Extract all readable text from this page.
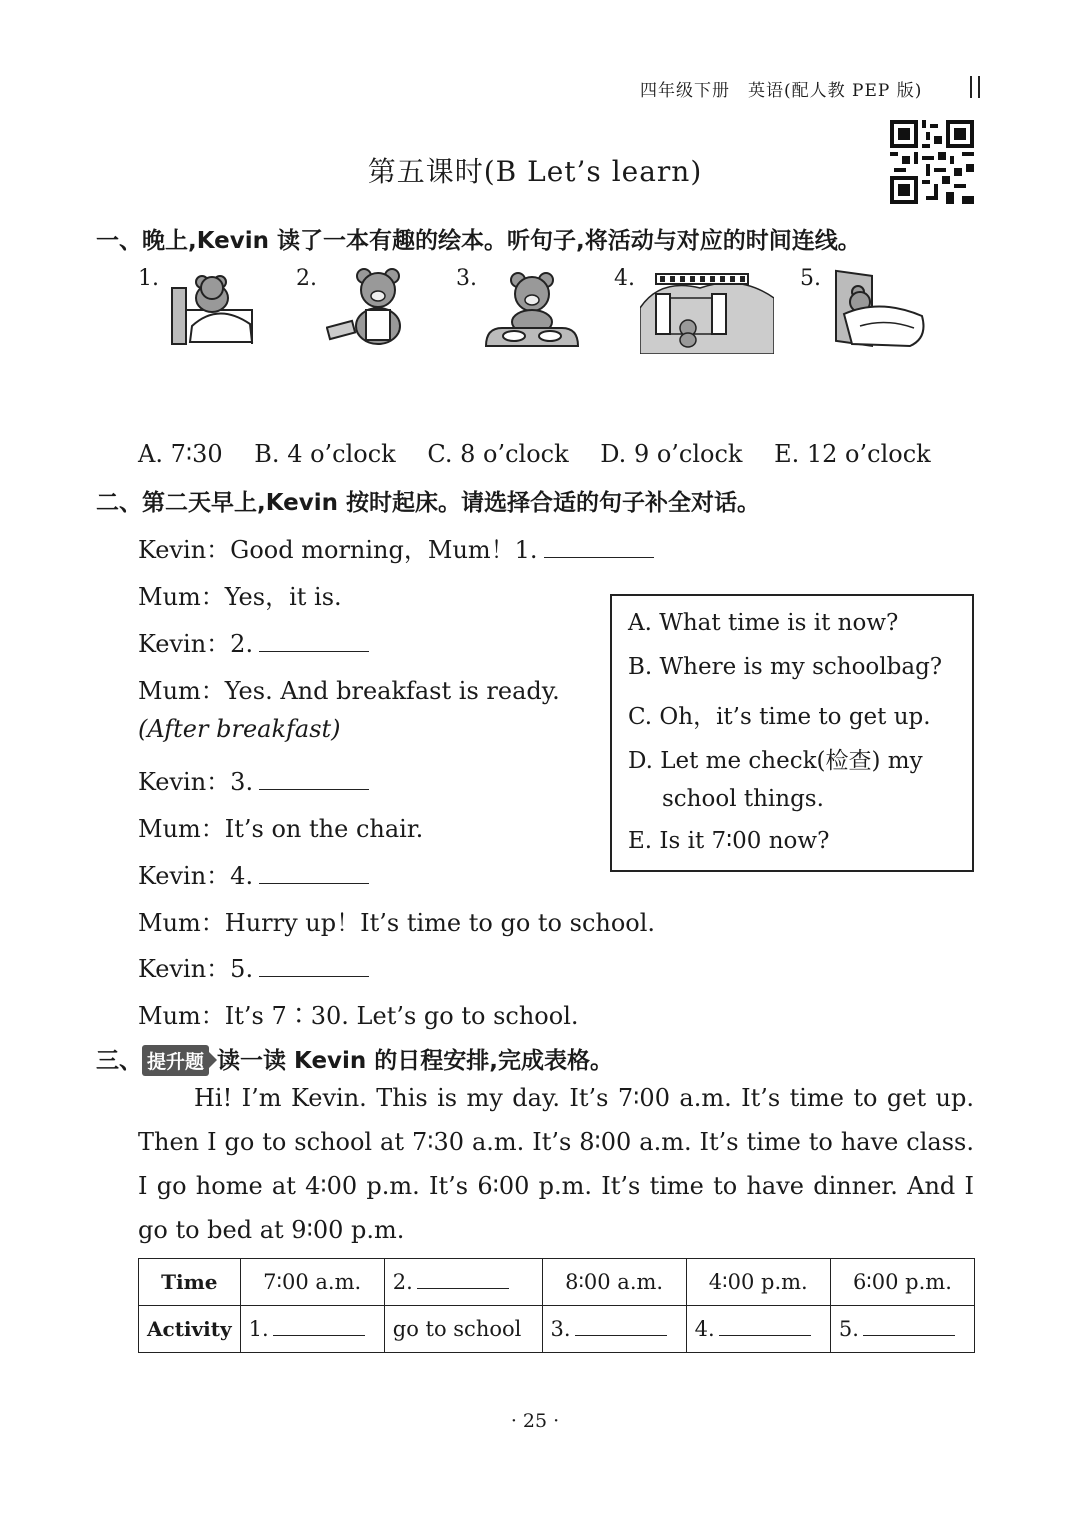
四年级下册　英语(配人教 PEP 版)
第五课时(B Let’s learn)
一、晚上,Kevin 读了一本有趣的绘本。听句子,将活动与对应的时间连线。
1.	2.	3.	4.	5.
A. 7∶30 B. 4 o’clock C. 8 o’clock D. 9 o’clock E. 12 o’clock
二、第二天早上,Kevin 按时起床。请选择合适的句子补全对话。
Kevin：Good morning，Mum！1.
Mum：Yes，it is.
Kevin：2.
Mum：Yes. And breakfast is ready.
(After breakfast)
Kevin：3.
Mum：It’s on the chair.
Kevin：4.
Mum：Hurry up！It’s time to go to school.
Kevin：5.
Mum：It’s 7∶30. Let’s go to school.
A. What time is it now?
B. Where is my schoolbag?
C. Oh，it’s time to get up.
D. Let me check(检查) my
school things.
E. Is it 7∶00 now?
三、 提升题 读一读 Kevin 的日程安排,完成表格。
Hi! I’m Kevin. This is my day. It’s 7∶00 a.m. It’s time to get up. Then I go to school at 7∶30 a.m. It’s 8∶00 a.m. It’s time to have class. I go home at 4∶00 p.m. It’s 6∶00 p.m. It’s time to have dinner. And I go to bed at 9∶00 p.m.
Time	7∶00 a.m.	2.	8∶00 a.m.	4∶00 p.m.	6∶00 p.m.
Activity	1.	go to school	3.	4.	5.
· 25 ·
